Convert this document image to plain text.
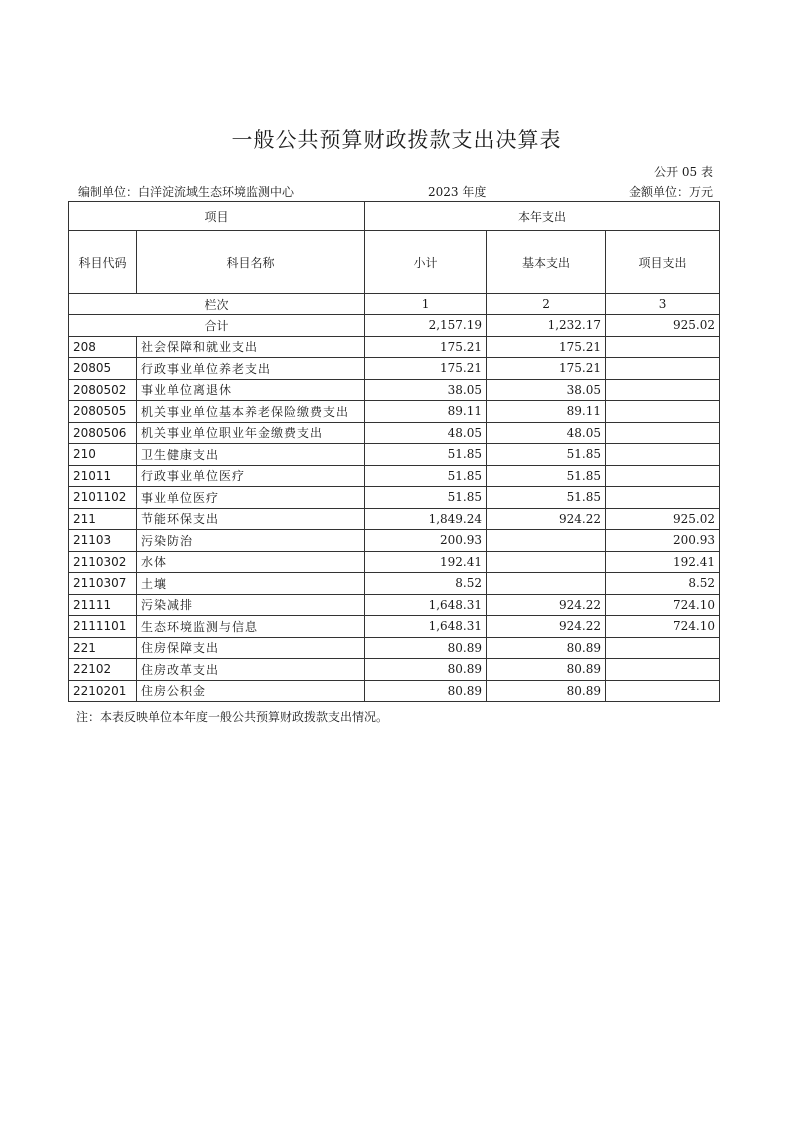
一般公共预算财政拨款支出决算表
公开 05 表
编制单位：白洋淀流域生态环境监测中心	2023 年度	金额单位：万元
项目		本年支出		
科目代码	科目名称	小计	基本支出	项目支出
栏次		1	2	3
合计		2,157.19	1,232.17	925.02
208	社会保障和就业支出	175.21	175.21	
20805	行政事业单位养老支出	175.21	175.21	
2080502	事业单位离退休	38.05	38.05	
2080505	机关事业单位基本养老保险缴费支出	89.11	89.11	
2080506	机关事业单位职业年金缴费支出	48.05	48.05	
210	卫生健康支出	51.85	51.85	
21011	行政事业单位医疗	51.85	51.85	
2101102	事业单位医疗	51.85	51.85	
211	节能环保支出	1,849.24	924.22	925.02
21103	污染防治	200.93		200.93
2110302	水体	192.41		192.41
2110307	土壤	8.52		8.52
21111	污染减排	1,648.31	924.22	724.10
2111101	生态环境监测与信息	1,648.31	924.22	724.10
221	住房保障支出	80.89	80.89	
22102	住房改革支出	80.89	80.89	
2210201	住房公积金	80.89	80.89	
注：本表反映单位本年度一般公共预算财政拨款支出情况。
